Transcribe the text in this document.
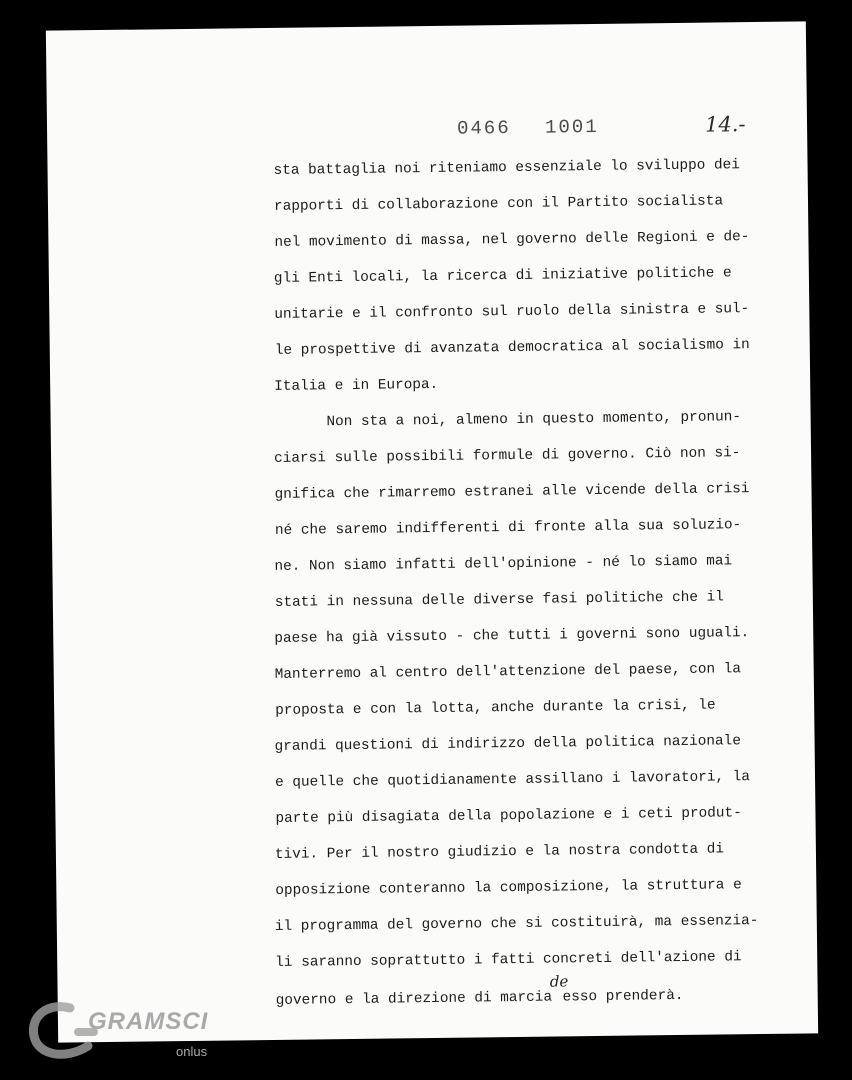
0466 1001	14.-
sta battaglia noi riteniamo essenziale lo sviluppo dei
rapporti di collaborazione con il Partito socialista
nel movimento di massa, nel governo delle Regioni e de-
gli Enti locali, la ricerca di iniziative politiche e
unitarie e il confronto sul ruolo della sinistra e sul-
le prospettive di avanzata democratica al socialismo in
Italia e in Europa.
Non sta a noi, almeno in questo momento, pronun-
ciarsi sulle possibili formule di governo. Ciò non si-
gnifica che rimarremo estranei alle vicende della crisi
né che saremo indifferenti di fronte alla sua soluzio-
ne. Non siamo infatti dell'opinione - né lo siamo mai
stati in nessuna delle diverse fasi politiche che il
paese ha già vissuto - che tutti i governi sono uguali.
Manterremo al centro dell'attenzione del paese, con la
proposta e con la lotta, anche durante la crisi, le
grandi questioni di indirizzo della politica nazionale
e quelle che quotidianamente assillano i lavoratori, la
parte più disagiata della popolazione e i ceti produt-
tivi. Per il nostro giudizio e la nostra condotta di
opposizione conteranno la composizione, la struttura e
il programma del governo che si costituirà, ma essenzia-
li saranno soprattutto i fatti concreti dell'azione di
governo e la direzione di marciadeesso prenderà.
GRAMSCI
onlus
